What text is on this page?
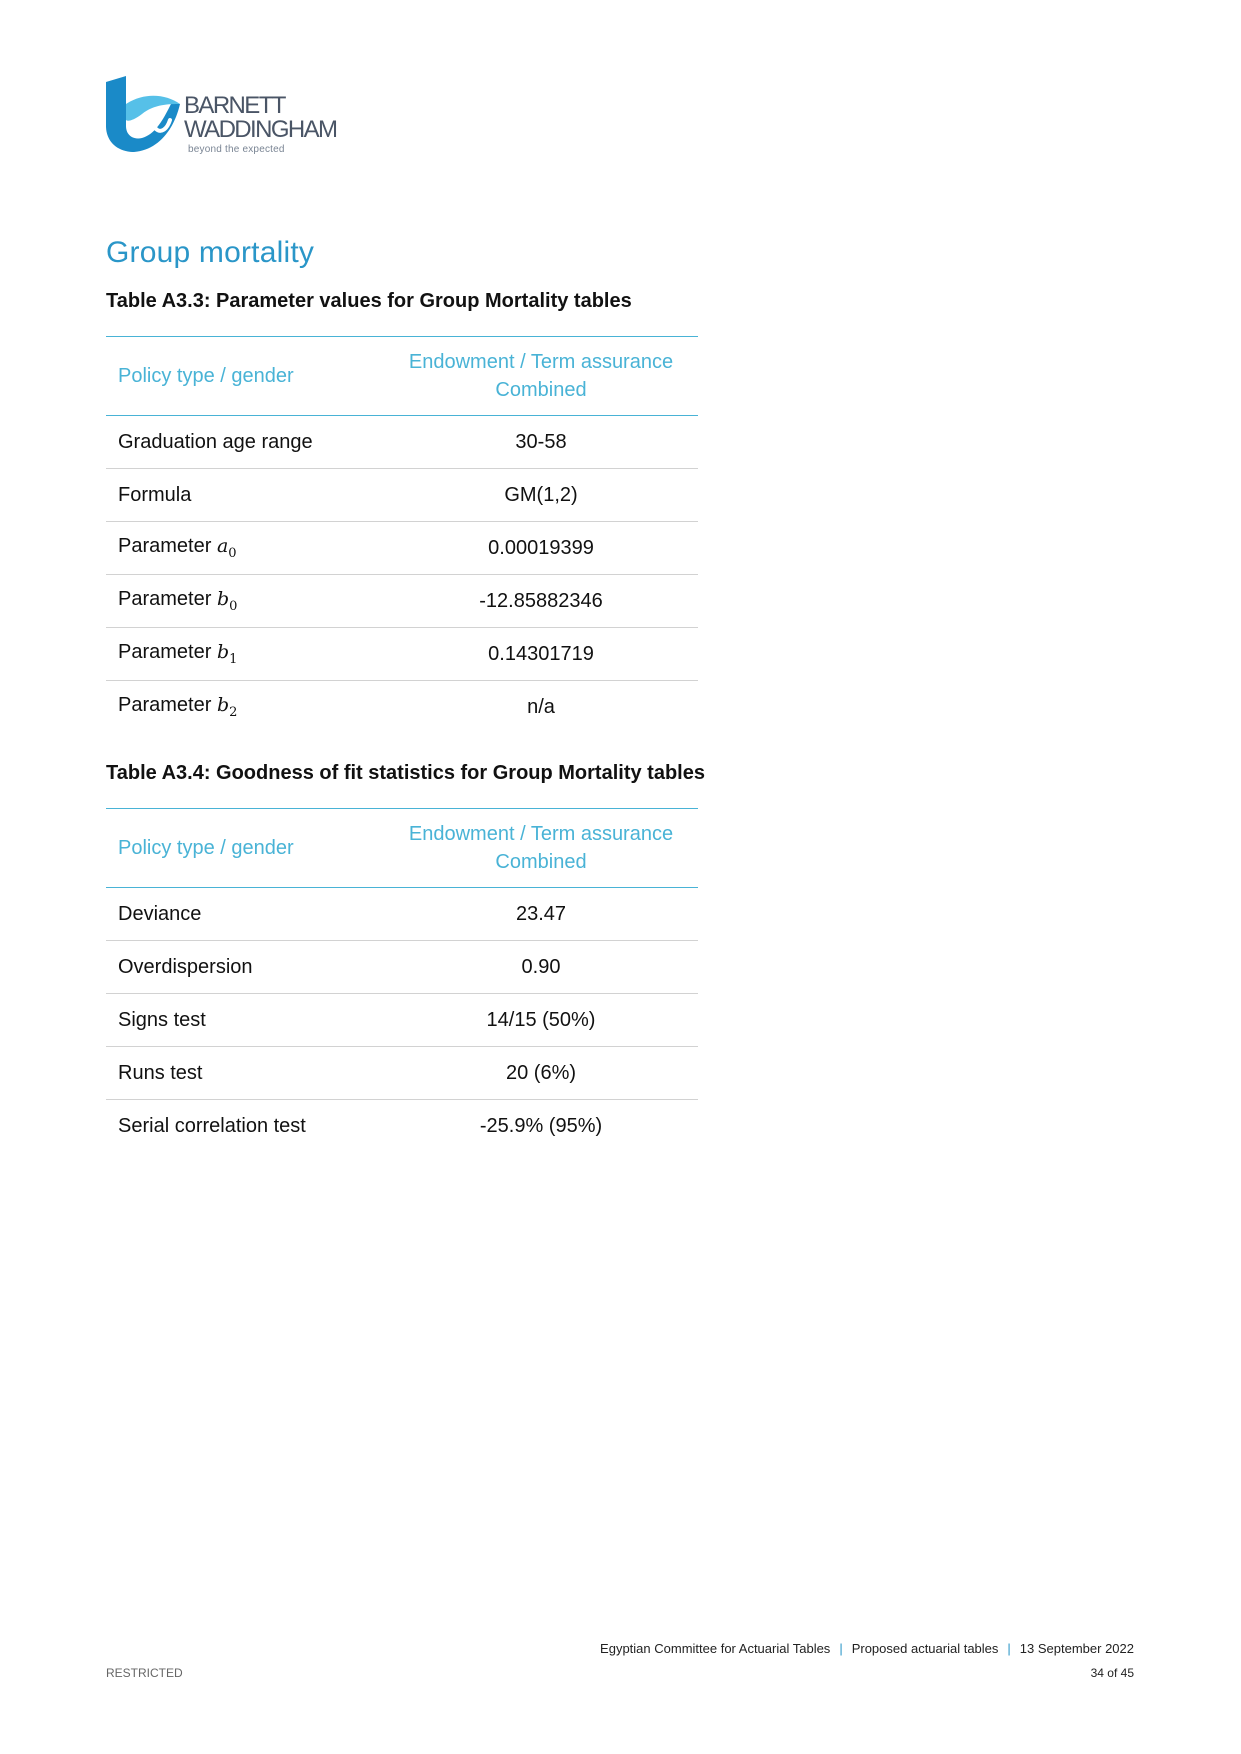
BARNETT
WADDINGHAM
beyond the expected
Group mortality

Table A3.3: Parameter values for Group Mortality tables

Policy type / gender	Endowment / Term assurance
Combined
Graduation age range	30-58
Formula	GM(1,2)
Parameter $a_0$	0.00019399
Parameter $b_0$	-12.85882346
Parameter $b_1$	0.14301719
Parameter $b_2$	n/a

Table A3.4: Goodness of fit statistics for Group Mortality tables

Policy type / gender	Endowment / Term assurance
Combined
Deviance	23.47
Overdispersion	0.90
Signs test	14/15 (50%)
Runs test	20 (6%)
Serial correlation test	-25.9% (95%)
Egyptian Committee for Actuarial Tables | Proposed actuarial tables | 13 September 2022
RESTRICTED	34 of 45
